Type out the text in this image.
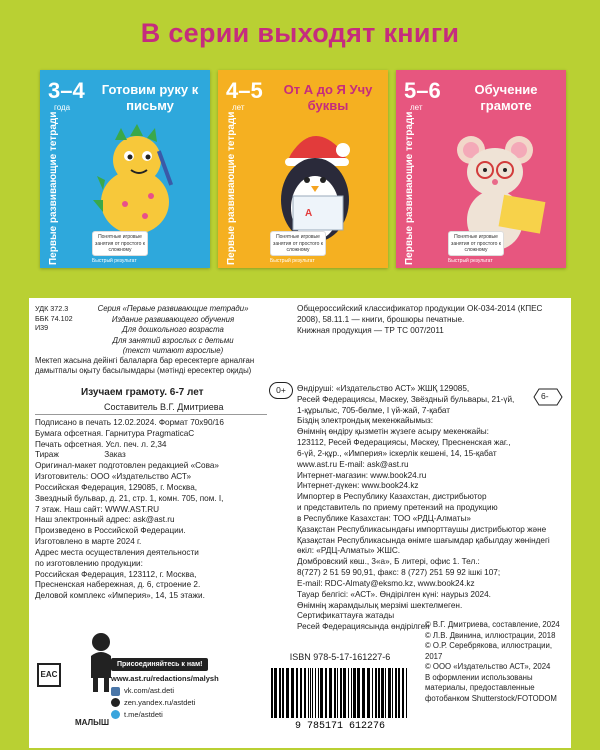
В серии выходят книги
3–4
года
Готовим руку к письму
Первые развивающие тетради	Понятные игровые занятия от простого к сложному
Быстрый результат
4–5
лет
От А до Я Учу буквы
Первые развивающие тетради	А
Понятные игровые занятия от простого к сложному
Быстрый результат
5–6
лет
Обучение грамоте
Первые развивающие тетради	Понятные игровые занятия от простого к сложному
Быстрый результат
УДК 372.3
ББК 74.102
И39
Серия «Первые развивающие тетради»
Издание развивающего обучения
Для дошкольного возраста
Для занятий взрослых с детьми
(текст читают взрослые)
Общероссийский классификатор продукции ОК-034-2014 (КПЕС 2008), 58.11.1 — книги, брошюры печатные.
Книжная продукция — ТР ТС 007/2011
Мектеп жасына дейінгі балаларға бар ересектерге арналған дамытпалы оқыту басылымдары (мәтінді ересектер оқиды)
Изучаем грамоту. 6-7 лет	0+
Составитель В.Г. Дмитриева
Подписано в печать 12.02.2024. Формат 70х90/16
Бумага офсетная. Гарнитура PragmaticaC
Печать офсетная. Усл. печ. л. 2,34
Тираж                    Заказ
Оригинал-макет подготовлен редакцией «Сова»
Изготовитель: ООО «Издательство АСТ»
Российская Федерация, 129085, г. Москва,
Звездный бульвар, д. 21, стр. 1, комн. 705, пом. I,
7 этаж. Наш сайт: WWW.AST.RU
Наш электронный адрес: ask@ast.ru
Произведено в Российской Федерации.
Изготовлено в марте 2024 г.
Адрес места осуществления деятельности
по изготовлению продукции:
Российская Федерация, 123112, г. Москва,
Пресненская набережная, д. 6, строение 2.
Деловой комплекс «Империя», 14, 15 этажи.
6-
Өндіруші: «Издательство АСТ» ЖШҚ 129085,
Ресей Федерациясы, Мәскеу, Звёздный бульвары, 21-үй,
1-құрылыс, 705-бөлме, I үй-жай, 7-қабат
Біздің электрондық мекенжайымыз:
Өнімнің өндіру қызметін жүзеге асыру мекенжайы:
123112, Ресей Федерациясы, Мәскеу, Пресненская жаг.,
6-үй, 2-құр., «Империя» іскерлік кешені, 14, 15-қабат
www.ast.ru E-mail: ask@ast.ru
Интернет-магазин: www.book24.ru
Интернет-дүкен: www.book24.kz
Импортер в Республику Казахстан, дистрибьютор
и представитель по приему претензий на продукцию
в Республике Казахстан: ТОО «РДЦ-Алматы»
Қазақстан Республикасындағы импорттаушы дистрибьютор және
Қазақстан Республикасында өнімге шағымдар қабылдау жөніндегі
өкіл: «РДЦ-Алматы» ЖШС.
Домбровский көш., 3«а», Б литері, офис 1. Тел.:
8(727) 2 51 59 90,91, факс: 8 (727) 251 59 92 ішкі 107;
E-mail: RDC-Almaty@eksmo.kz, www.book24.kz
Тауар белгісі: «АСТ». Өндірілген күні: наурыз 2024.
Өнімнің жарамдылық мерзімі шектелмеген.
Сертификаттауға жатады
Ресей Федерациясында өндірілген
EAC
МАЛЫШ
Присоединяйтесь к нам!
www.ast.ru/redactions/malysh
vk.com/ast.deti
zen.yandex.ru/astdeti
t.me/astdeti
ISBN 978-5-17-161227-6
9 785171 612276
© В.Г. Дмитриева, составление, 2024
© Л.В. Двинина, иллюстрации, 2018
© О.Р. Серебрякова, иллюстрации, 2017
© ООО «Издательство АСТ», 2024
В оформлении использованы материалы, предоставленные фотобанком Shutterstock/FOTODOM
